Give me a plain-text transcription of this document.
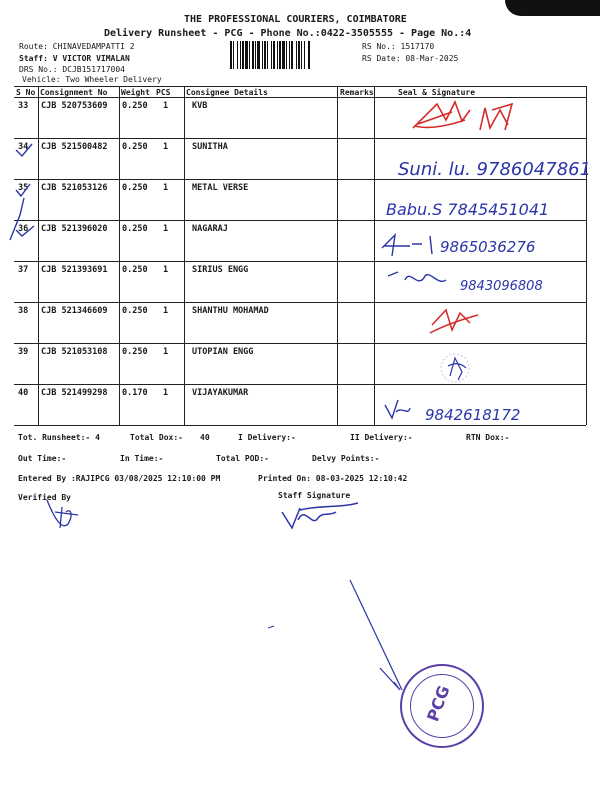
THE PROFESSIONAL COURIERS, COIMBATORE
Delivery Runsheet - PCG - Phone No.:0422-3505555 - Page No.:4
Route: CHINAVEDAMPATTI 2
Staff: V VICTOR VIMALAN
DRS No.: DCJB151717004
Vehicle: Two Wheeler Delivery
RS No.: 1517170
RS Date: 08-Mar-2025
S No Consignment No Weight PCS Consignee Details	Remarks	Seal & Signature
33 CJB 520753609 0.250 1	KVB
34 CJB 521500482 0.250 1	SUNITHA
35 CJB 521053126 0.250 1	METAL VERSE
36 CJB 521396020 0.250 1	NAGARAJ
37 CJB 521393691 0.250 1	SIRIUS ENGG
38 CJB 521346609 0.250 1	SHANTHU MOHAMAD
39 CJB 521053108 0.250 1	UTOPIAN ENGG
40 CJB 521499298 0.170 1	VIJAYAKUMAR
Suni. lu. 9786047861
Babu.S 7845451041
9865036276
9843096808
9842618172
Tot. Runsheet:- 4	Total Dox:- 40	I Delivery:-	II Delivery:-	RTN Dox:-
Out Time:-	In Time:-	Total POD:-	Delvy Points:-
Entered By :RAJIPCG 03/08/2025 12:10:00 PM	Printed On: 08-03-2025 12:10:42
Verified By	Staff Signature
PCG
